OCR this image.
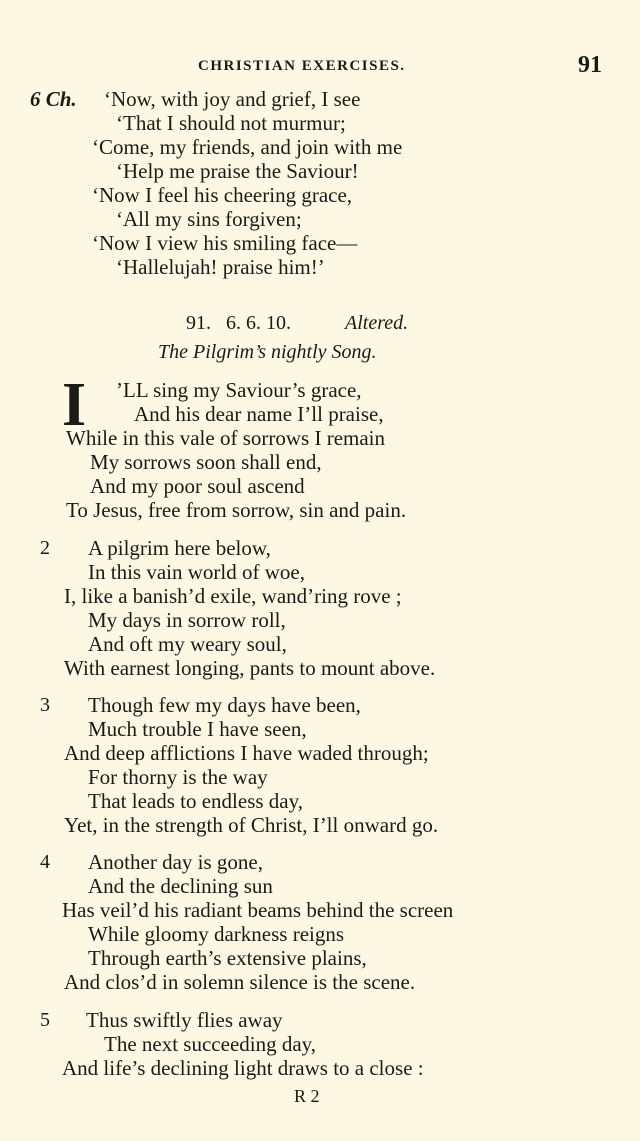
CHRISTIAN EXERCISES.	91
6 Ch. ‘Now, with joy and grief, I see
‘That I should not murmur;
‘Come, my friends, and join with me
‘Help me praise the Saviour!
‘Now I feel his cheering grace,
‘All my sins forgiven;
‘Now I view his smiling face—
‘Hallelujah! praise him!’
91.   6. 6. 10.	Altered.
The Pilgrim’s nightly Song.
I ’LL sing my Saviour’s grace,
And his dear name I’ll praise,
While in this vale of sorrows I remain
My sorrows soon shall end,
And my poor soul ascend
To Jesus, free from sorrow, sin and pain.
2 A pilgrim here below,
In this vain world of woe,
I, like a banish’d exile, wand’ring rove ;
My days in sorrow roll,
And oft my weary soul,
With earnest longing, pants to mount above.
3 Though few my days have been,
Much trouble I have seen,
And deep afflictions I have waded through;
For thorny is the way
That leads to endless day,
Yet, in the strength of Christ, I’ll onward go.
4 Another day is gone,
And the declining sun
Has veil’d his radiant beams behind the screen
While gloomy darkness reigns
Through earth’s extensive plains,
And clos’d in solemn silence is the scene.
5 Thus swiftly flies away
The next succeeding day,
And life’s declining light draws to a close :
R 2
